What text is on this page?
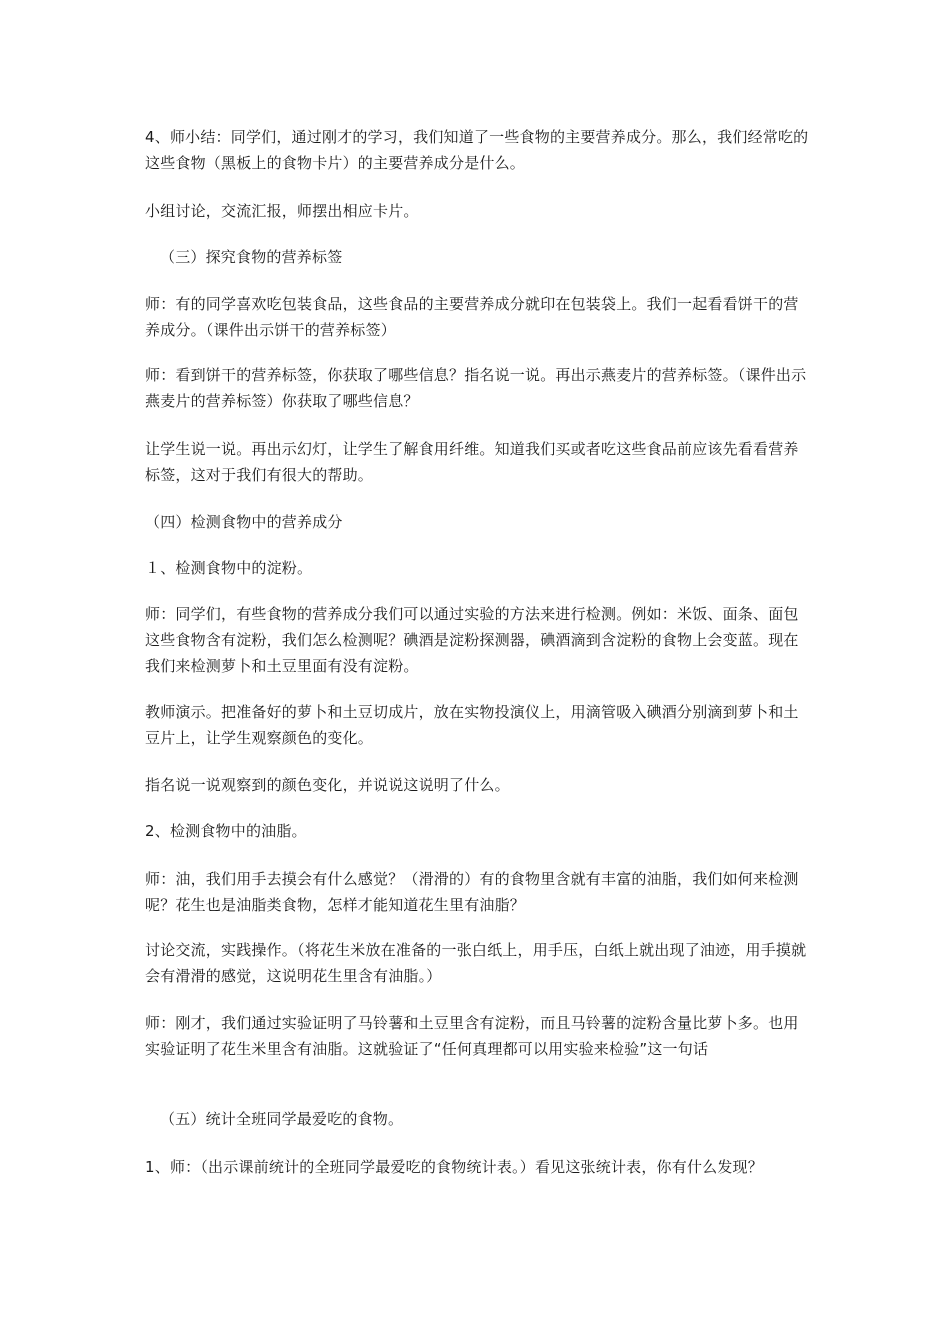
4、师小结：同学们，通过刚才的学习，我们知道了一些食物的主要营养成分。那么，我们经常吃的这些食物（黑板上的食物卡片）的主要营养成分是什么。

小组讨论，交流汇报，师摆出相应卡片。

（三）探究食物的营养标签

师：有的同学喜欢吃包装食品，这些食品的主要营养成分就印在包装袋上。我们一起看看饼干的营养成分。（课件出示饼干的营养标签）

师：看到饼干的营养标签，你获取了哪些信息？指名说一说。再出示燕麦片的营养标签。（课件出示燕麦片的营养标签）你获取了哪些信息？

让学生说一说。再出示幻灯，让学生了解食用纤维。知道我们买或者吃这些食品前应该先看看营养标签，这对于我们有很大的帮助。

（四）检测食物中的营养成分

１、检测食物中的淀粉。

师：同学们，有些食物的营养成分我们可以通过实验的方法来进行检测。例如：米饭、面条、面包这些食物含有淀粉，我们怎么检测呢？碘酒是淀粉探测器，碘酒滴到含淀粉的食物上会变蓝。现在我们来检测萝卜和土豆里面有没有淀粉。

教师演示。把准备好的萝卜和土豆切成片，放在实物投演仪上，用滴管吸入碘酒分别滴到萝卜和土豆片上，让学生观察颜色的变化。

指名说一说观察到的颜色变化，并说说这说明了什么。

2、检测食物中的油脂。

师：油，我们用手去摸会有什么感觉？（滑滑的）有的食物里含就有丰富的油脂，我们如何来检测呢？花生也是油脂类食物，怎样才能知道花生里有油脂？

讨论交流，实践操作。（将花生米放在准备的一张白纸上，用手压，白纸上就出现了油迹，用手摸就会有滑滑的感觉，这说明花生里含有油脂。）

师：刚才，我们通过实验证明了马铃薯和土豆里含有淀粉，而且马铃薯的淀粉含量比萝卜多。也用实验证明了花生米里含有油脂。这就验证了“任何真理都可以用实验来检验”这一句话

（五）统计全班同学最爱吃的食物。

1、师：（出示课前统计的全班同学最爱吃的食物统计表。）看见这张统计表，你有什么发现？
